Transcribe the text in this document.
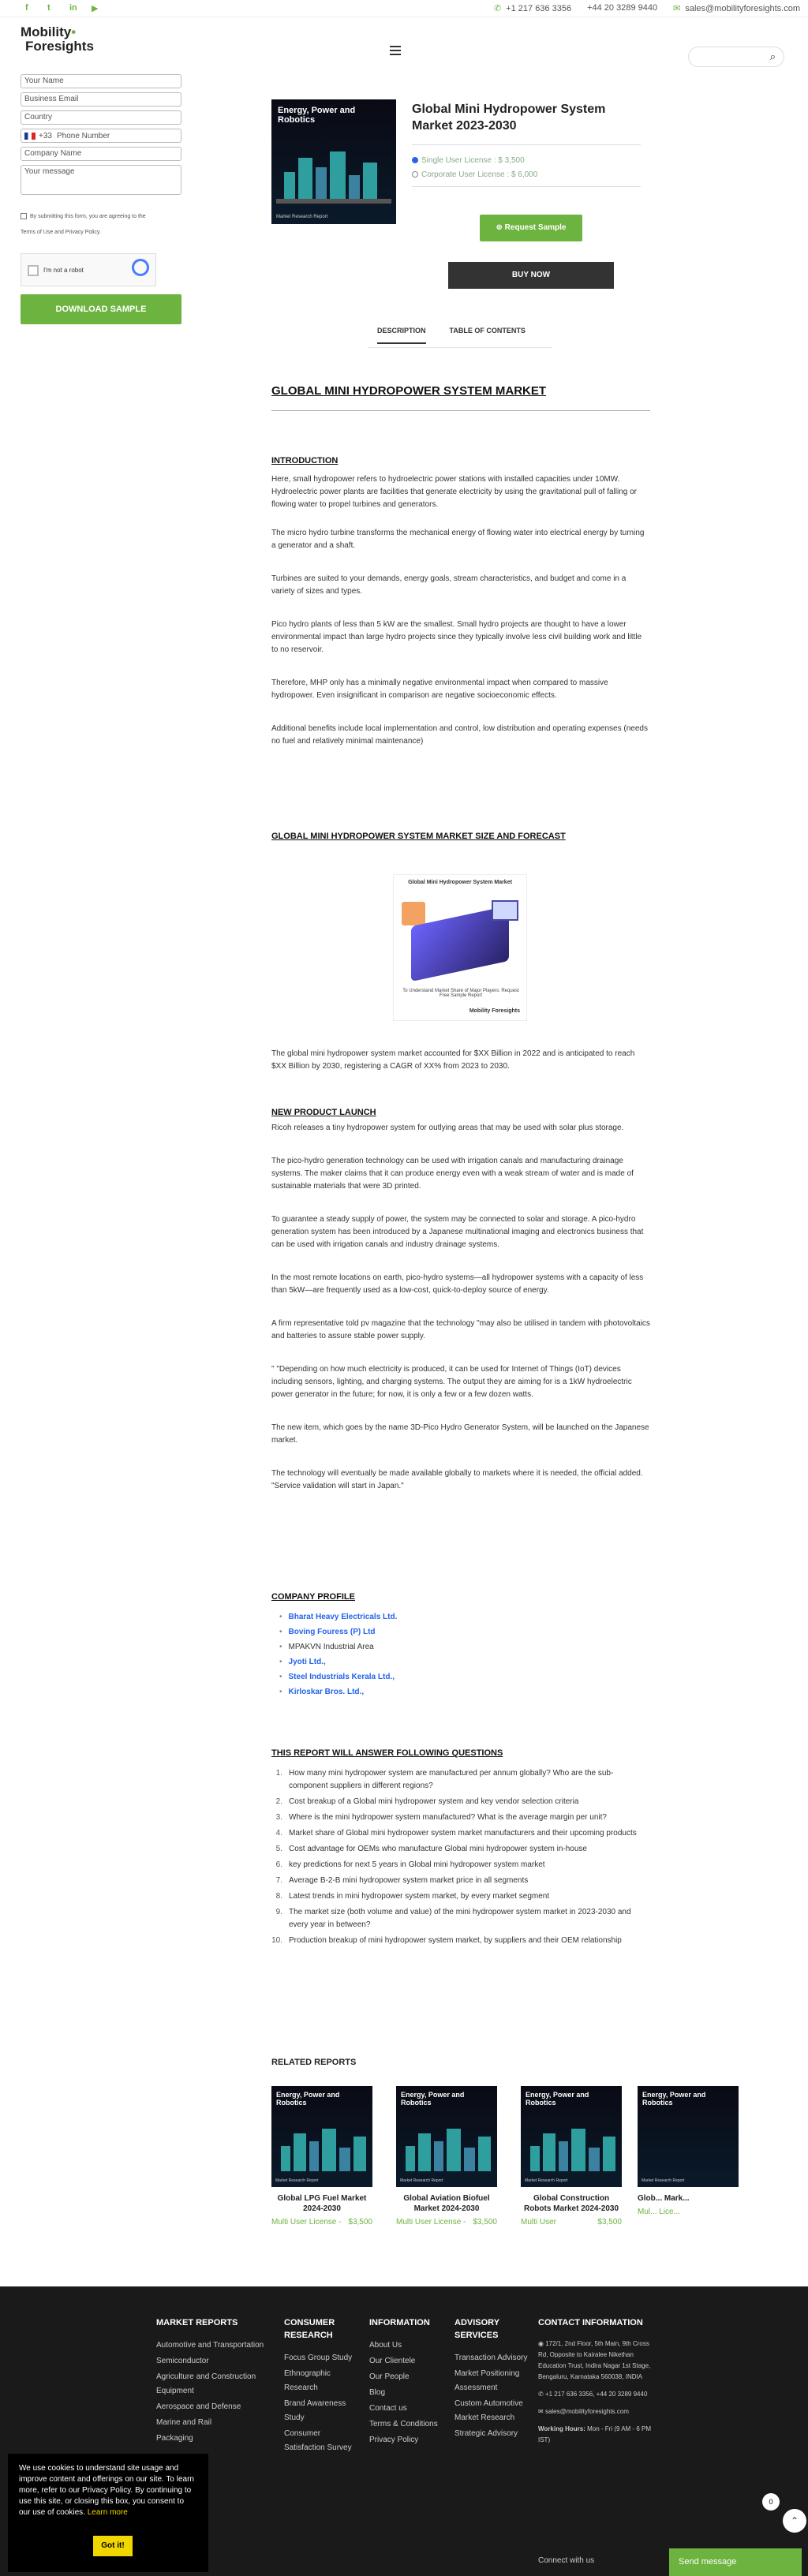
f	t	in ▶	✆ +1 217 636 3356 +44 20 3289 9440 ✉ sales@mobilityforesights.com
Mobility•
Foresights
⌕
Your Name
Business Email
Country
+33 Phone Number
Company Name
Your message
By submitting this form, you are agreeing to the
Terms of Use and Privacy Policy.
I'm not a robot
DOWNLOAD SAMPLE
Energy, Power and Robotics
Market Research Report
Global Mini Hydropower System Market 2023-2030
Single User License : $ 3,500
Corporate User License : $ 6,000
⊕ Request Sample
BUY NOW
DESCRIPTION	TABLE OF CONTENTS
GLOBAL MINI HYDROPOWER SYSTEM MARKET
INTRODUCTION

Here, small hydropower refers to hydroelectric power stations with installed capacities under 10MW. Hydroelectric power plants are facilities that generate electricity by using the gravitational pull of falling or flowing water to propel turbines and generators.

The micro hydro turbine transforms the mechanical energy of flowing water into electrical energy by turning a generator and a shaft.

Turbines are suited to your demands, energy goals, stream characteristics, and budget and come in a variety of sizes and types.

Pico hydro plants of less than 5 kW are the smallest. Small hydro projects are thought to have a lower environmental impact than large hydro projects since they typically involve less civil building work and little to no reservoir.

Therefore, MHP only has a minimally negative environmental impact when compared to massive hydropower. Even insignificant in comparison are negative socioeconomic effects.

Additional benefits include local implementation and control, low distribution and operating expenses (needs no fuel and relatively minimal maintenance)

GLOBAL MINI HYDROPOWER SYSTEM MARKET SIZE AND FORECAST
Global Mini Hydropower System Market
To Understand Market Share of Major Players: Request Free Sample Report
Mobility Foresights

The global mini hydropower system market accounted for $XX Billion in 2022 and is anticipated to reach $XX Billion by 2030, registering a CAGR of XX% from 2023 to 2030.

NEW PRODUCT LAUNCH

Ricoh releases a tiny hydropower system for outlying areas that may be used with solar plus storage.

The pico-hydro generation technology can be used with irrigation canals and manufacturing drainage systems. The maker claims that it can produce energy even with a weak stream of water and is made of sustainable materials that were 3D printed.

To guarantee a steady supply of power, the system may be connected to solar and storage. A pico-hydro generation system has been introduced by a Japanese multinational imaging and electronics business that can be used with irrigation canals and industry drainage systems.

In the most remote locations on earth, pico-hydro systems—all hydropower systems with a capacity of less than 5kW—are frequently used as a low-cost, quick-to-deploy source of energy.

A firm representative told pv magazine that the technology "may also be utilised in tandem with photovoltaics and batteries to assure stable power supply.

" "Depending on how much electricity is produced, it can be used for Internet of Things (IoT) devices including sensors, lighting, and charging systems. The output they are aiming for is a 1kW hydroelectric power generator in the future; for now, it is only a few or a few dozen watts.

The new item, which goes by the name 3D-Pico Hydro Generator System, will be launched on the Japanese market.

The technology will eventually be made available globally to markets where it is needed, the official added. "Service validation will start in Japan."

COMPANY PROFILE
• Bharat Heavy Electricals Ltd.
• Boving Fouress (P) Ltd
• MPAKVN Industrial Area
• Jyoti Ltd.,
• Steel Industrials Kerala Ltd.,
• Kirloskar Bros. Ltd.,
THIS REPORT WILL ANSWER FOLLOWING QUESTIONS
1. How many mini hydropower system are manufactured per annum globally? Who are the sub-component suppliers in different regions?
2. Cost breakup of a Global mini hydropower system and key vendor selection criteria
3. Where is the mini hydropower system manufactured? What is the average margin per unit?
4. Market share of Global mini hydropower system market manufacturers and their upcoming products
5. Cost advantage for OEMs who manufacture Global mini hydropower system in-house
6. key predictions for next 5 years in Global mini hydropower system market
7. Average B-2-B mini hydropower system market price in all segments
8. Latest trends in mini hydropower system market, by every market segment
9. The market size (both volume and value) of the mini hydropower system market in 2023-2030 and every year in between?
10. Production breakup of mini hydropower system market, by suppliers and their OEM relationship
RELATED REPORTS
Energy, Power and Robotics
Market Research Report
Global LPG Fuel Market 2024-2030
Multi User License - $3,500
Energy, Power and Robotics
Market Research Report
Global Aviation Biofuel Market 2024-2030
Multi User License - $3,500
Energy, Power and Robotics
Market Research Report
Global Construction Robots Market 2024-2030
Multi User	$3,500
Energy, Power and Robotics
Market Research Report
Glob... Mark...
Mul... Lice...
MARKET REPORTS
Automotive and Transportation
Semiconductor
Agriculture and Construction Equipment
Aerospace and Defense
Marine and Rail
Packaging
CONSUMER RESEARCH
Focus Group Study
Ethnographic Research
Brand Awareness Study
Consumer Satisfaction Survey
INFORMATION
About Us
Our Clientele
Our People
Blog
Contact us
Terms & Conditions
Privacy Policy
ADVISORY SERVICES
Transaction Advisory
Market Positioning Assessment
Custom Automotive Market Research
Strategic Advisory
CONTACT INFORMATION
◉ 172/1, 2nd Floor, 5th Main, 9th Cross Rd, Opposite to Kairalee Nikethan Education Trust, Indira Nagar 1st Stage, Bengaluru, Karnataka 560038, INDIA
✆ +1 217 636 3356, +44 20 3289 9440
✉ sales@mobilityforesights.com
Working Hours: Mon - Fri (9 AM - 6 PM IST)
Connect with us
We use cookies to understand site usage and improve content and offerings on our site. To learn more, refer to our Privacy Policy. By continuing to use this site, or closing this box, you consent to our use of cookies. Learn more
Got it!
0
⌃
Send message
